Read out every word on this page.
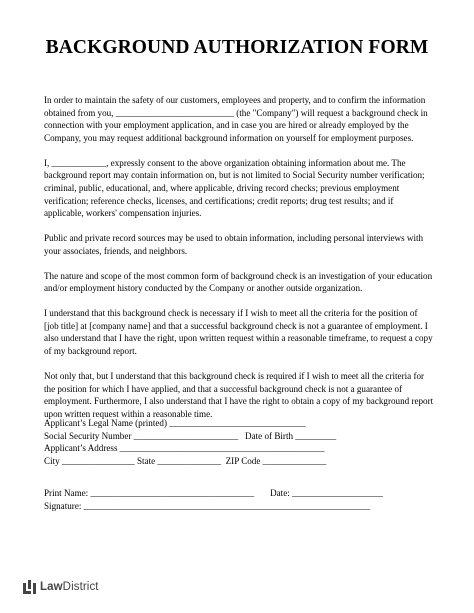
BACKGROUND AUTHORIZATION FORM

In order to maintain the safety of our customers, employees and property, and to confirm the information obtained from you, __________________________ (the "Company") will request a background check in connection with your employment application, and in case you are hired or already employed by the Company, you may request additional background information on yourself for employment purposes.

I, ____________, expressly consent to the above organization obtaining information about me. The background report may contain information on, but is not limited to Social Security number verification; criminal, public, educational, and, where applicable, driving record checks; previous employment verification; reference checks, licenses, and certifications; credit reports; drug test results; and if applicable, workers' compensation injuries.

Public and private record sources may be used to obtain information, including personal interviews with your associates, friends, and neighbors.

The nature and scope of the most common form of background check is an investigation of your education and/or employment history conducted by the Company or another outside organization.

I understand that this background check is necessary if I wish to meet all the criteria for the position of [job title] at [company name] and that a successful background check is not a guarantee of employment. I also understand that I have the right, upon written request within a reasonable timeframe, to request a copy of my background report.

Not only that, but I understand that this background check is required if I wish to meet all the criteria for the position for which I have applied, and that a successful background check is not a guarantee of employment. Furthermore, I also understand that I have the right to obtain a copy of my background report upon written request within a reasonable time.

Applicant’s Legal Name (printed) ______________________________
Social Security Number _______________________   Date of Birth _________
Applicant’s Address _____________________________________________
City ________________ State ______________  ZIP Code ______________
Print Name: ____________________________________       Date: ____________________
Signature: _______________________________________________________________
LawDistrict
